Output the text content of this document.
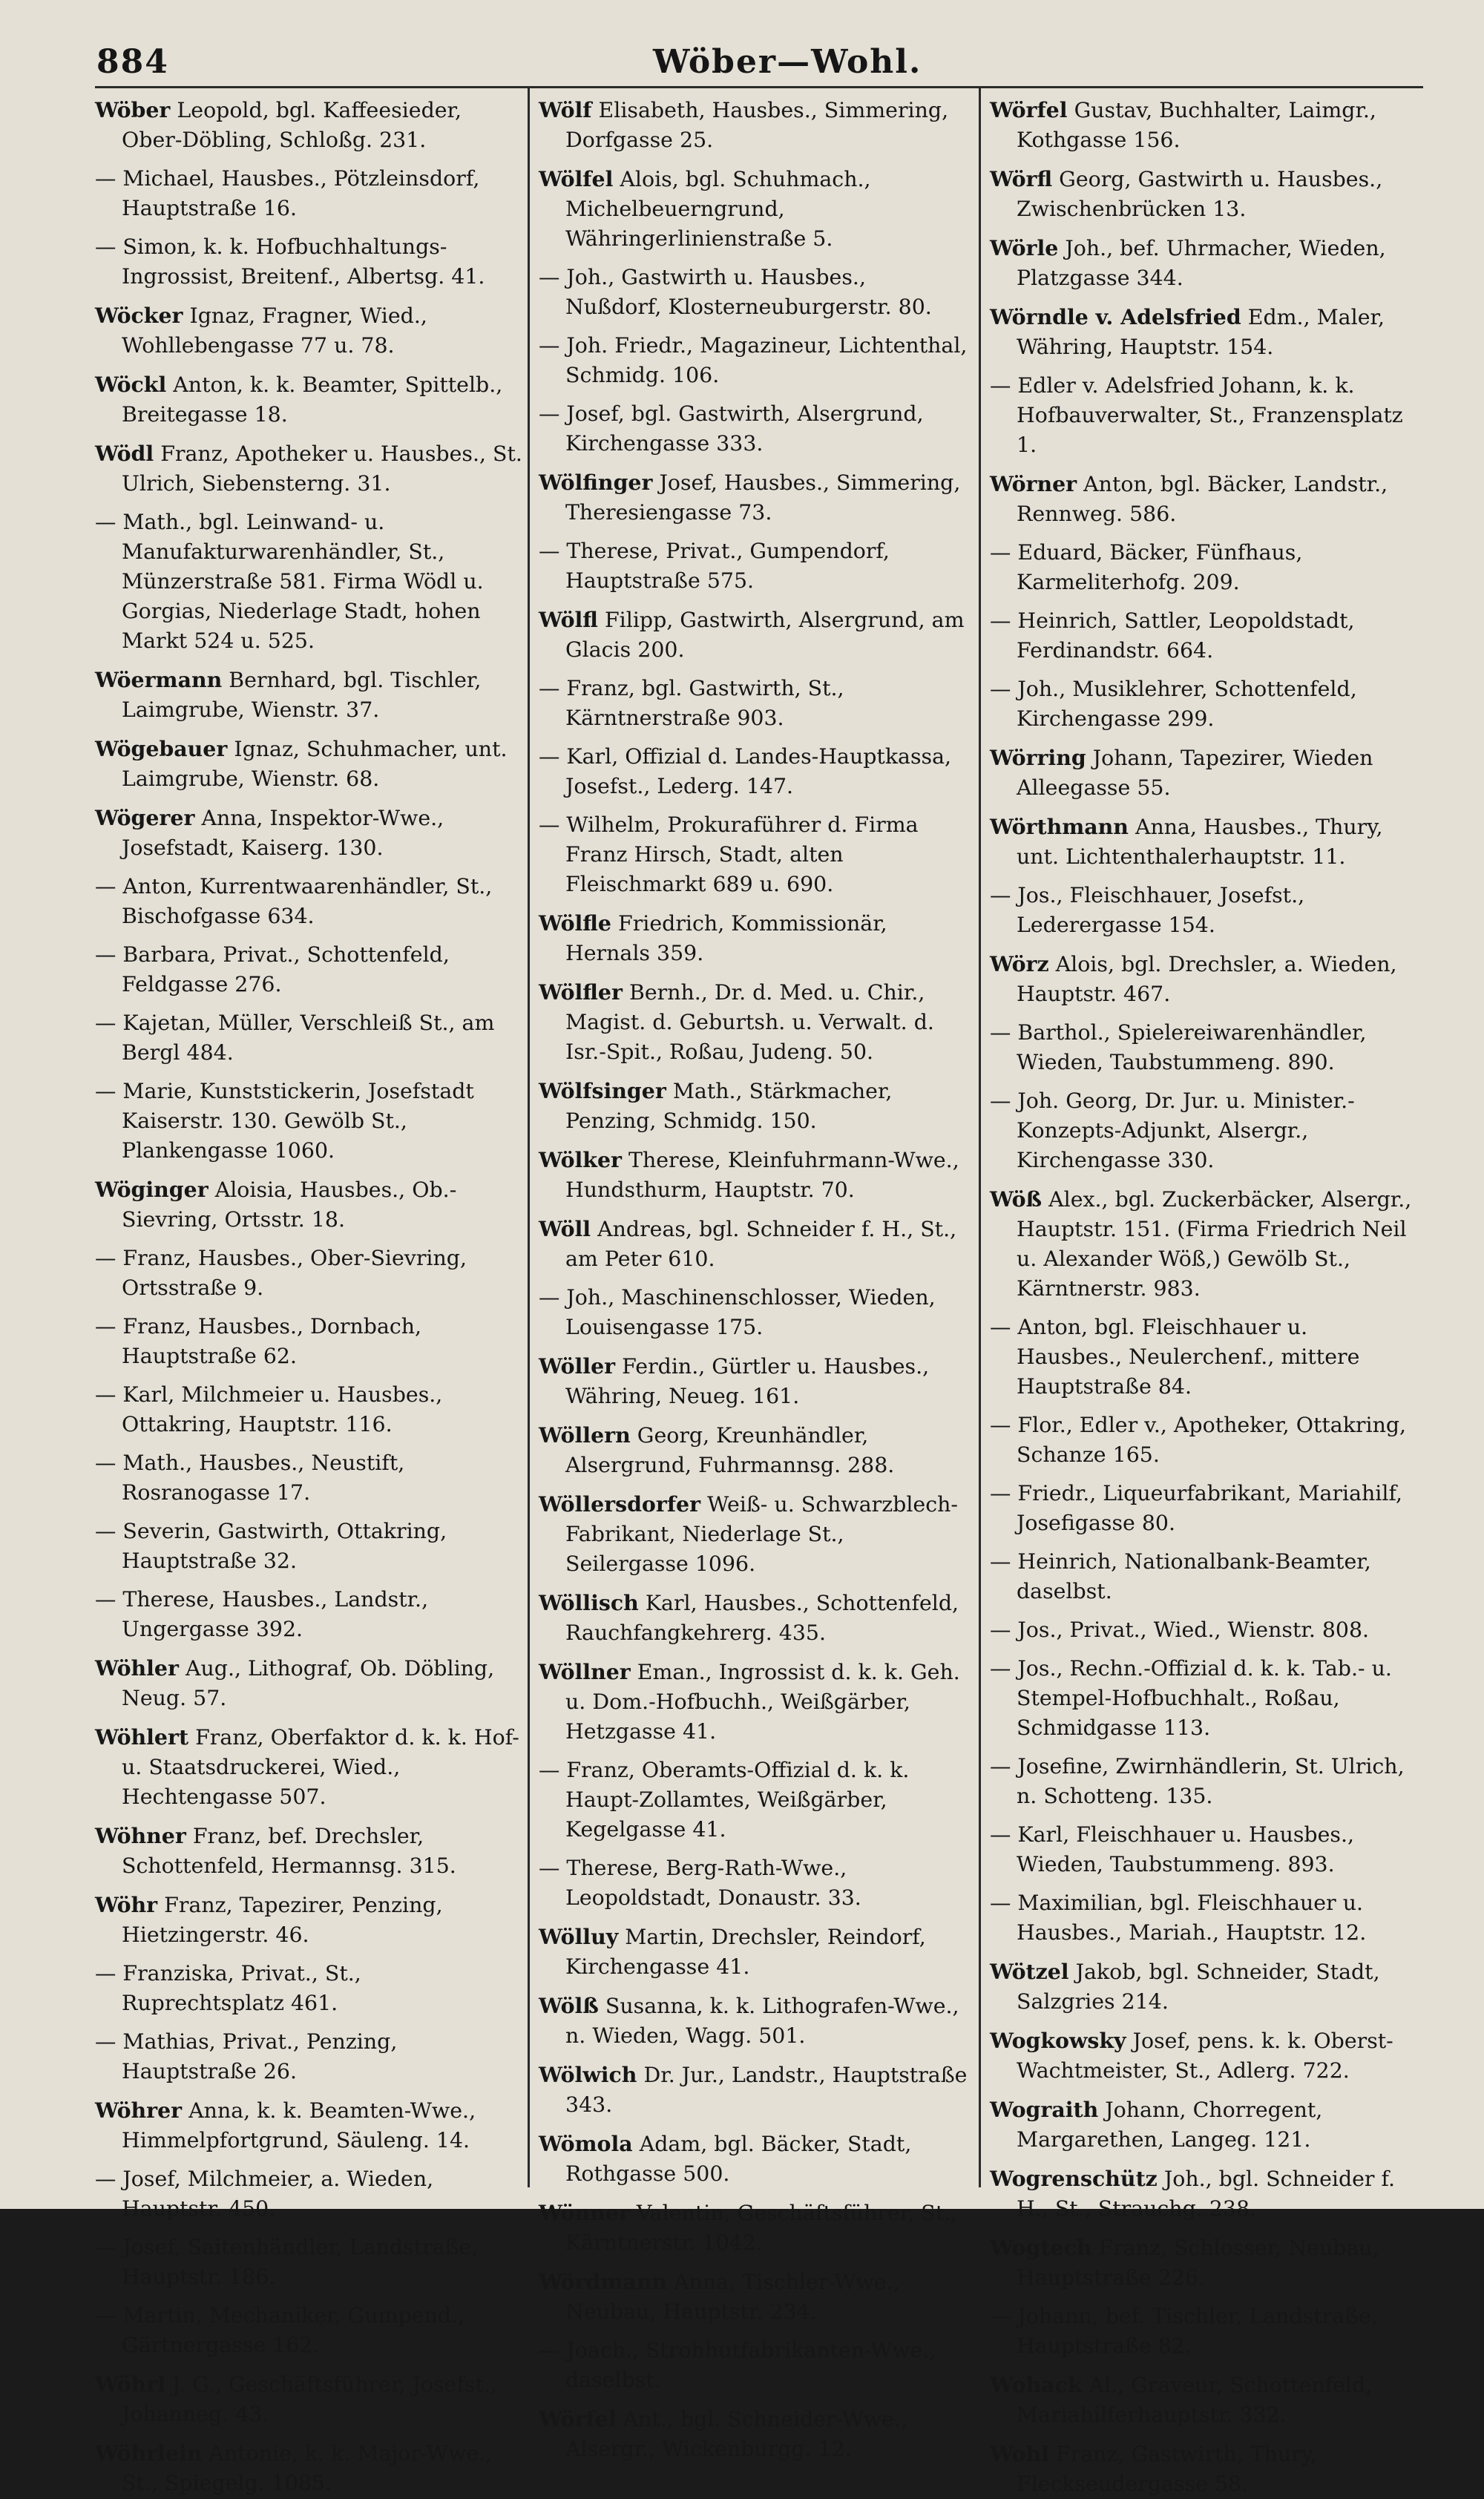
884	Wöber—Wohl.

Wöber Leopold, bgl. Kaffeesieder, Ober-Döbling, Schloßg. 231.

— Michael, Hausbes., Pötzleinsdorf, Hauptstraße 16.

— Simon, k. k. Hofbuchhaltungs-Ingrossist, Breitenf., Albertsg. 41.

Wöcker Ignaz, Fragner, Wied., Wohllebengasse 77 u. 78.

Wöckl Anton, k. k. Beamter, Spittelb., Breitegasse 18.

Wödl Franz, Apotheker u. Hausbes., St. Ulrich, Siebensterng. 31.

— Math., bgl. Leinwand- u. Manufakturwarenhändler, St., Münzerstraße 581. Firma Wödl u. Gorgias, Niederlage Stadt, hohen Markt 524 u. 525.

Wöermann Bernhard, bgl. Tischler, Laimgrube, Wienstr. 37.

Wögebauer Ignaz, Schuhmacher, unt. Laimgrube, Wienstr. 68.

Wögerer Anna, Inspektor-Wwe., Josefstadt, Kaiserg. 130.

— Anton, Kurrentwaarenhändler, St., Bischofgasse 634.

— Barbara, Privat., Schottenfeld, Feldgasse 276.

— Kajetan, Müller, Verschleiß St., am Bergl 484.

— Marie, Kunststickerin, Josefstadt Kaiserstr. 130. Gewölb St., Plankengasse 1060.

Wöginger Aloisia, Hausbes., Ob.-Sievring, Ortsstr. 18.

— Franz, Hausbes., Ober-Sievring, Ortsstraße 9.

— Franz, Hausbes., Dornbach, Hauptstraße 62.

— Karl, Milchmeier u. Hausbes., Ottakring, Hauptstr. 116.

— Math., Hausbes., Neustift, Rosranogasse 17.

— Severin, Gastwirth, Ottakring, Hauptstraße 32.

— Therese, Hausbes., Landstr., Ungergasse 392.

Wöhler Aug., Lithograf, Ob. Döbling, Neug. 57.

Wöhlert Franz, Oberfaktor d. k. k. Hof- u. Staatsdruckerei, Wied., Hechtengasse 507.

Wöhner Franz, bef. Drechsler, Schottenfeld, Hermannsg. 315.

Wöhr Franz, Tapezirer, Penzing, Hietzingerstr. 46.

— Franziska, Privat., St., Ruprechtsplatz 461.

— Mathias, Privat., Penzing, Hauptstraße 26.

Wöhrer Anna, k. k. Beamten-Wwe., Himmelpfortgrund, Säuleng. 14.

— Josef, Milchmeier, a. Wieden, Hauptstr. 450.

— Josef, Saitenhändler, Landstraße, Hauptstr. 186.

— Martin, Mechaniker, Gumpend., Gärtnergasse 162.

Wöhrl J. G., Geschäftsführer, Josefst., Johanneg. 43.

Wöhrlein Antonie, k. k. Major-Wwe., St., Spiegelg. 1085.

Wölf Elisabeth, Hausbes., Simmering, Dorfgasse 25.

Wölfel Alois, bgl. Schuhmach., Michelbeuerngrund, Währingerlinienstraße 5.

— Joh., Gastwirth u. Hausbes., Nußdorf, Klosterneuburgerstr. 80.

— Joh. Friedr., Magazineur, Lichtenthal, Schmidg. 106.

— Josef, bgl. Gastwirth, Alsergrund, Kirchengasse 333.

Wölfinger Josef, Hausbes., Simmering, Theresiengasse 73.

— Therese, Privat., Gumpendorf, Hauptstraße 575.

Wölfl Filipp, Gastwirth, Alsergrund, am Glacis 200.

— Franz, bgl. Gastwirth, St., Kärntnerstraße 903.

— Karl, Offizial d. Landes-Hauptkassa, Josefst., Lederg. 147.

— Wilhelm, Prokuraführer d. Firma Franz Hirsch, Stadt, alten Fleischmarkt 689 u. 690.

Wölfle Friedrich, Kommissionär, Hernals 359.

Wölfler Bernh., Dr. d. Med. u. Chir., Magist. d. Geburtsh. u. Verwalt. d. Isr.-Spit., Roßau, Judeng. 50.

Wölfsinger Math., Stärkmacher, Penzing, Schmidg. 150.

Wölker Therese, Kleinfuhrmann-Wwe., Hundsthurm, Hauptstr. 70.

Wöll Andreas, bgl. Schneider f. H., St., am Peter 610.

— Joh., Maschinenschlosser, Wieden, Louisengasse 175.

Wöller Ferdin., Gürtler u. Hausbes., Währing, Neueg. 161.

Wöllern Georg, Kreunhändler, Alsergrund, Fuhrmannsg. 288.

Wöllersdorfer Weiß- u. Schwarzblech-Fabrikant, Niederlage St., Seilergasse 1096.

Wöllisch Karl, Hausbes., Schottenfeld, Rauchfangkehrerg. 435.

Wöllner Eman., Ingrossist d. k. k. Geh. u. Dom.-Hofbuchh., Weißgärber, Hetzgasse 41.

— Franz, Oberamts-Offizial d. k. k. Haupt-Zollamtes, Weißgärber, Kegelgasse 41.

— Therese, Berg-Rath-Wwe., Leopoldstadt, Donaustr. 33.

Wölluy Martin, Drechsler, Reindorf, Kirchengasse 41.

Wölß Susanna, k. k. Lithografen-Wwe., n. Wieden, Wagg. 501.

Wölwich Dr. Jur., Landstr., Hauptstraße 343.

Wömola Adam, bgl. Bäcker, Stadt, Rothgasse 500.

Wönner Valentin, Geschäftsführer, St., Kärntnerstr. 1042.

Wördmann Anna, Tischler-Wwe., Neubau, Hauptstr. 234.

— Joach., Strohhutfabrikanten-Wwe., daselbst.

Wörfel Ant., bgl. Schneider-Wwe., Alsergr., Wickenburgg. 12.

Wörfel Gustav, Buchhalter, Laimgr., Kothgasse 156.

Wörfl Georg, Gastwirth u. Hausbes., Zwischenbrücken 13.

Wörle Joh., bef. Uhrmacher, Wieden, Platzgasse 344.

Wörndle v. Adelsfried Edm., Maler, Währing, Hauptstr. 154.

— Edler v. Adelsfried Johann, k. k. Hofbauverwalter, St., Franzensplatz 1.

Wörner Anton, bgl. Bäcker, Landstr., Rennweg. 586.

— Eduard, Bäcker, Fünfhaus, Karmeliterhofg. 209.

— Heinrich, Sattler, Leopoldstadt, Ferdinandstr. 664.

— Joh., Musiklehrer, Schottenfeld, Kirchengasse 299.

Wörring Johann, Tapezirer, Wieden Alleegasse 55.

Wörthmann Anna, Hausbes., Thury, unt. Lichtenthalerhauptstr. 11.

— Jos., Fleischhauer, Josefst., Lederergasse 154.

Wörz Alois, bgl. Drechsler, a. Wieden, Hauptstr. 467.

— Barthol., Spielereiwarenhändler, Wieden, Taubstummeng. 890.

— Joh. Georg, Dr. Jur. u. Minister.-Konzepts-Adjunkt, Alsergr., Kirchengasse 330.

Wöß Alex., bgl. Zuckerbäcker, Alsergr., Hauptstr. 151. (Firma Friedrich Neil u. Alexander Wöß,) Gewölb St., Kärntnerstr. 983.

— Anton, bgl. Fleischhauer u. Hausbes., Neulerchenf., mittere Hauptstraße 84.

— Flor., Edler v., Apotheker, Ottakring, Schanze 165.

— Friedr., Liqueurfabrikant, Mariahilf, Josefigasse 80.

— Heinrich, Nationalbank-Beamter, daselbst.

— Jos., Privat., Wied., Wienstr. 808.

— Jos., Rechn.-Offizial d. k. k. Tab.- u. Stempel-Hofbuchhalt., Roßau, Schmidgasse 113.

— Josefine, Zwirnhändlerin, St. Ulrich, n. Schotteng. 135.

— Karl, Fleischhauer u. Hausbes., Wieden, Taubstummeng. 893.

— Maximilian, bgl. Fleischhauer u. Hausbes., Mariah., Hauptstr. 12.

Wötzel Jakob, bgl. Schneider, Stadt, Salzgries 214.

Wogkowsky Josef, pens. k. k. Oberst-Wachtmeister, St., Adlerg. 722.

Wograith Johann, Chorregent, Margarethen, Langeg. 121.

Wogrenschütz Joh., bgl. Schneider f. H., St., Strauchg. 238.

Wogtech Franz, Schlosser, Neubau, Hauptstraße 226.

— Johann, bef. Tischler, Landstraße, Hauptstraße 82.

Wohack Al., Graveur, Schottenfeld, Mariahilferhauptstr. 332.

Wohl Franz, Gastwirth, Thury, Fleckseudergasse 58.
